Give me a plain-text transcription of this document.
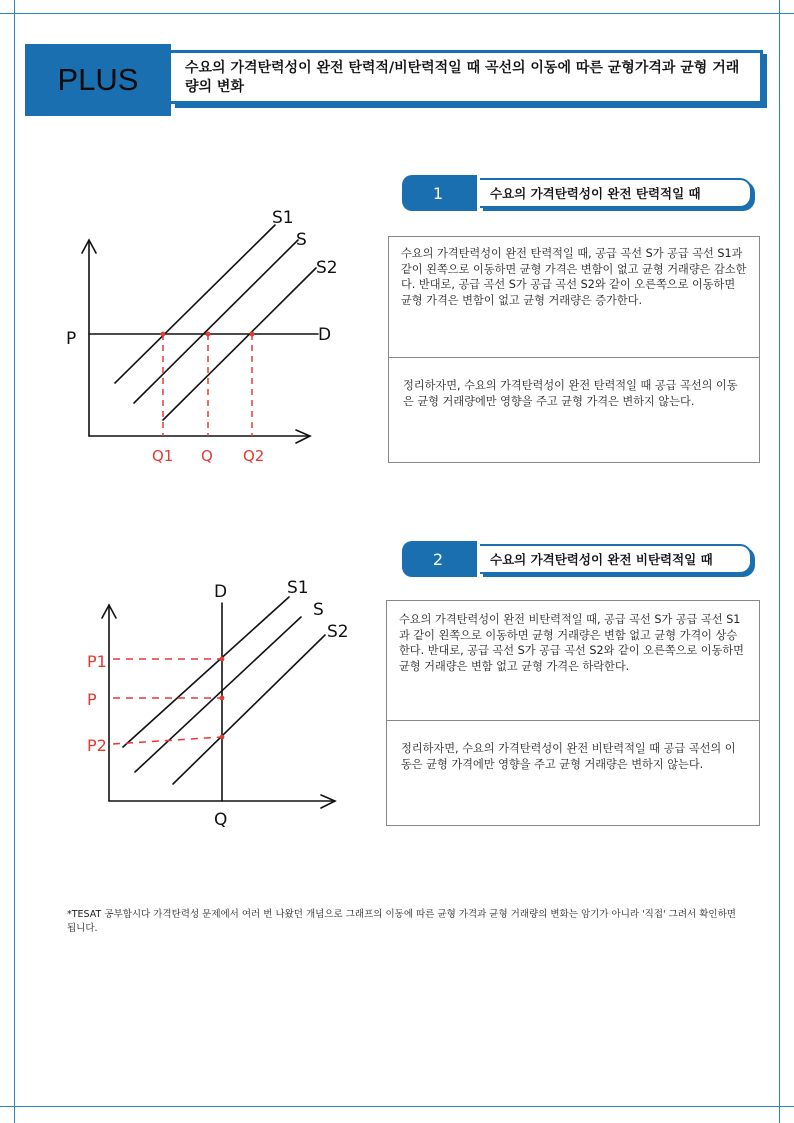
PLUS	수요의 가격탄력성이 완전 탄력적/비탄력적일 때 곡선의 이동에 따른 균형가격과 균형 거래량의 변화
1	수요의 가격탄력성이 완전 탄력적일 때
수요의 가격탄력성이 완전 탄력적일 때, 공급 곡선 S가 공급 곡선 S1과 같이 왼쪽으로 이동하면 균형 가격은 변함이 없고 균형 거래량은 감소한다. 반대로, 공급 곡선 S가 공급 곡선 S2와 같이 오른쪽으로 이동하면 균형 가격은 변함이 없고 균형 거래량은 증가한다.
정리하자면, 수요의 가격탄력성이 완전 탄력적일 때 공급 곡선의 이동은 균형 거래량에만 영향을 주고 균형 가격은 변하지 않는다.
S1
S
S2
D
P
Q1 Q Q2
2	수요의 가격탄력성이 완전 비탄력적일 때
수요의 가격탄력성이 완전 비탄력적일 때, 공급 곡선 S가 공급 곡선 S1과 같이 왼쪽으로 이동하면 균형 거래량은 변함 없고 균형 가격이 상승한다. 반대로, 공급 곡선 S가 공급 곡선 S2와 같이 오른쪽으로 이동하면 균형 거래량은 변함 없고 균형 가격은 하락한다.
정리하자면, 수요의 가격탄력성이 완전 비탄력적일 때 공급 곡선의 이동은 균형 가격에만 영향을 주고 균형 거래량은 변하지 않는다.
D	S1
S
S2
Q
P1
P
P2
*TESAT 공부합시다 가격탄력성 문제에서 여러 번 나왔던 개념으로 그래프의 이동에 따른 균형 가격과 균형 거래량의 변화는 암기가 아니라 '직접' 그려서 확인하면 됩니다.
